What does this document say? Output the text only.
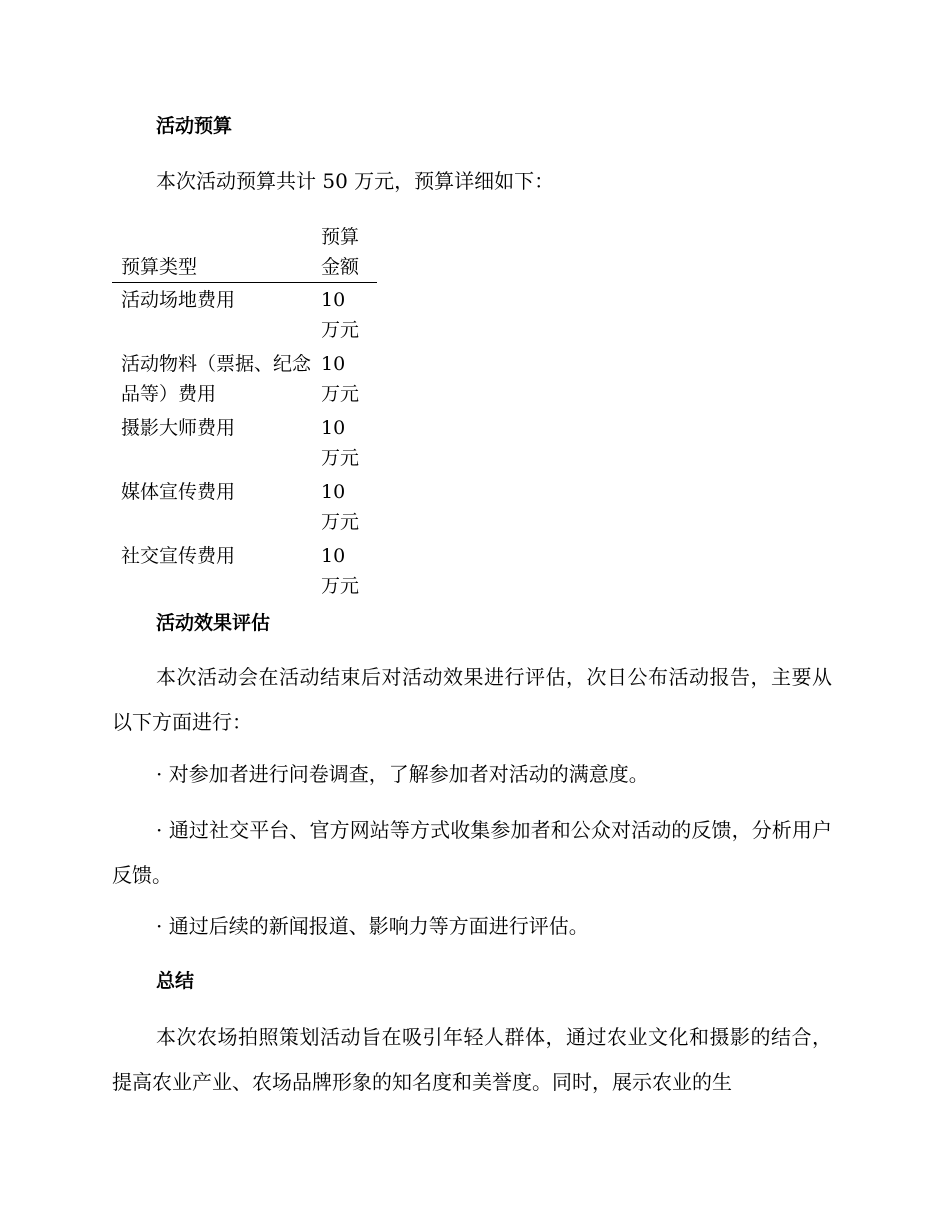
活动预算

本次活动预算共计 50 万元，预算详细如下：

预算类型	预算金额
活动场地费用	10 万元
活动物料（票据、纪念品等）费用	10 万元
摄影大师费用	10 万元
媒体宣传费用	10 万元
社交宣传费用	10 万元
活动效果评估

本次活动会在活动结束后对活动效果进行评估，次日公布活动报告，主要从以下方面进行：

· 对参加者进行问卷调查，了解参加者对活动的满意度。

· 通过社交平台、官方网站等方式收集参加者和公众对活动的反馈，分析用户反馈。

· 通过后续的新闻报道、影响力等方面进行评估。

总结

本次农场拍照策划活动旨在吸引年轻人群体，通过农业文化和摄影的结合，提高农业产业、农场品牌形象的知名度和美誉度。同时，展示农业的生
